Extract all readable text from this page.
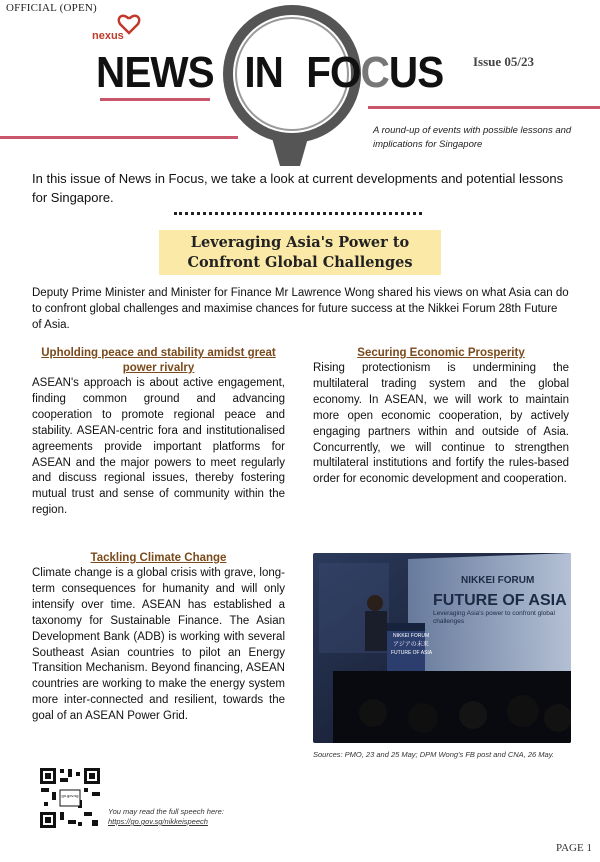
OFFICIAL (OPEN)
nexus
NEWS IN FOCUS Issue 05/23
A round-up of events with possible lessons and implications for Singapore
In this issue of News in Focus, we take a look at current developments and potential lessons for Singapore.
Leveraging Asia's Power to
Confront Global Challenges
Deputy Prime Minister and Minister for Finance Mr Lawrence Wong shared his views on what Asia can do to confront global challenges and maximise chances for future success at the Nikkei Forum 28th Future of Asia.
Upholding peace and stability amidst great power rivalry
ASEAN's approach is about active engagement, finding common ground and advancing cooperation to promote regional peace and stability. ASEAN-centric fora and institutionalised agreements provide important platforms for ASEAN and the major powers to meet regularly and discuss regional issues, thereby fostering mutual trust and sense of community within the region.
Tackling Climate Change
Climate change is a global crisis with grave, long-term consequences for humanity and will only intensify over time. ASEAN has established a taxonomy for Sustainable Finance. The Asian Development Bank (ADB) is working with several Southeast Asian countries to pilot an Energy Transition Mechanism. Beyond financing, ASEAN countries are working to make the energy system more inter-connected and resilient, towards the goal of an ASEAN Power Grid.
Securing Economic Prosperity
Rising protectionism is undermining the multilateral trading system and the global economy. In ASEAN, we will work to maintain more open economic cooperation, by actively engaging partners within and outside of Asia. Concurrently, we will continue to strengthen multilateral institutions and fortify the rules-based order for economic development and cooperation.
NIKKEI FORUM
FUTURE OF ASIA
Leveraging Asia's power to confront global challenges
NIKKEI FORUM
アジアの未来
FUTURE OF ASIA
Sources: PMO, 23 and 25 May; DPM Wong's FB post and CNA, 26 May.
go.gov.sg
You may read the full speech here:
https://go.gov.sg/nikkeispeech
PAGE 1
